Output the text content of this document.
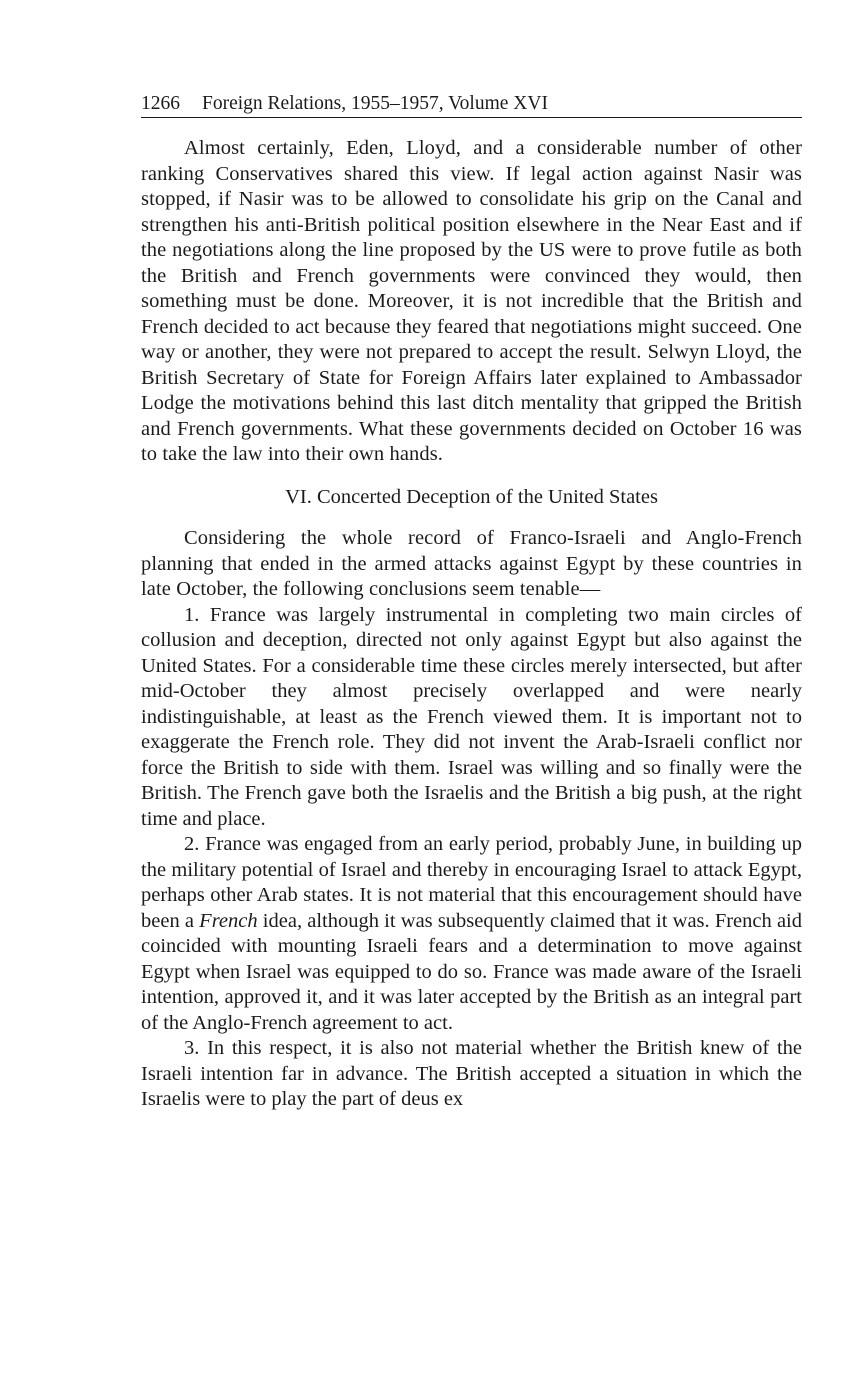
1266 Foreign Relations, 1955–1957, Volume XVI

Almost certainly, Eden, Lloyd, and a considerable number of other ranking Conservatives shared this view. If legal action against Nasir was stopped, if Nasir was to be allowed to consolidate his grip on the Canal and strengthen his anti-British political position elsewhere in the Near East and if the negotiations along the line proposed by the US were to prove futile as both the British and French governments were convinced they would, then something must be done. Moreover, it is not incredible that the British and French decided to act because they feared that negotiations might succeed. One way or another, they were not prepared to accept the result. Selwyn Lloyd, the British Secretary of State for Foreign Affairs later explained to Ambassador Lodge the motivations behind this last ditch mentality that gripped the British and French governments. What these governments decided on October 16 was to take the law into their own hands.

VI. Concerted Deception of the United States

Considering the whole record of Franco-Israeli and Anglo-French planning that ended in the armed attacks against Egypt by these countries in late October, the following conclusions seem tenable—

1. France was largely instrumental in completing two main circles of collusion and deception, directed not only against Egypt but also against the United States. For a considerable time these circles merely intersected, but after mid-October they almost precisely overlapped and were nearly indistinguishable, at least as the French viewed them. It is important not to exaggerate the French role. They did not invent the Arab-Israeli conflict nor force the British to side with them. Israel was willing and so finally were the British. The French gave both the Israelis and the British a big push, at the right time and place.

2. France was engaged from an early period, probably June, in building up the military potential of Israel and thereby in encouraging Israel to attack Egypt, perhaps other Arab states. It is not material that this encouragement should have been a French idea, although it was subsequently claimed that it was. French aid coincided with mounting Israeli fears and a determination to move against Egypt when Israel was equipped to do so. France was made aware of the Israeli intention, approved it, and it was later accepted by the British as an integral part of the Anglo-French agreement to act.

3. In this respect, it is also not material whether the British knew of the Israeli intention far in advance. The British accepted a situation in which the Israelis were to play the part of deus ex
